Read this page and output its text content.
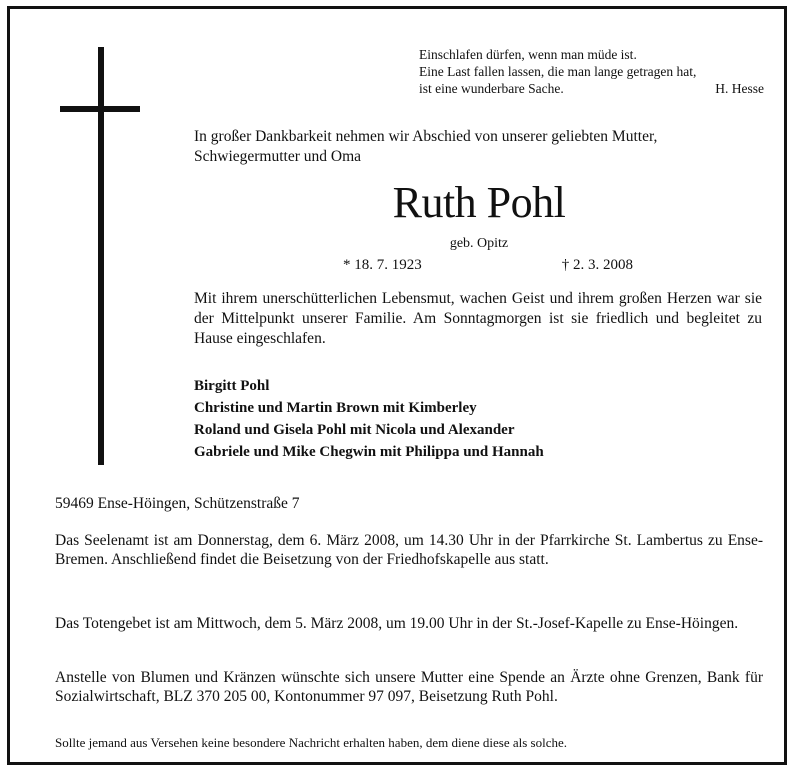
Einschlafen dürfen, wenn man müde ist.
Eine Last fallen lassen, die man lange getragen hat,
ist eine wunderbare Sache.	H. Hesse
In großer Dankbarkeit nehmen wir Abschied von unserer geliebten Mutter,
Schwiegermutter und Oma
Ruth Pohl
geb. Opitz
* 18. 7. 1923	† 2. 3. 2008
Mit ihrem unerschütterlichen Lebensmut, wachen Geist und ihrem großen Herzen war sie der Mittelpunkt unserer Familie. Am Sonntagmorgen ist sie friedlich und begleitet zu Hause eingeschlafen.
Birgitt Pohl
Christine und Martin Brown mit Kimberley
Roland und Gisela Pohl mit Nicola und Alexander
Gabriele und Mike Chegwin mit Philippa und Hannah
59469 Ense-Höingen, Schützenstraße 7
Das Seelenamt ist am Donnerstag, dem 6. März 2008, um 14.30 Uhr in der Pfarrkirche St. Lambertus zu Ense-Bremen. Anschließend findet die Beisetzung von der Friedhofskapelle aus statt.
Das Totengebet ist am Mittwoch, dem 5. März 2008, um 19.00 Uhr in der St.-Josef-Kapelle zu Ense-Höingen.
Anstelle von Blumen und Kränzen wünschte sich unsere Mutter eine Spende an Ärzte ohne Grenzen, Bank für Sozialwirtschaft, BLZ 370 205 00, Kontonummer 97 097, Beisetzung Ruth Pohl.
Sollte jemand aus Versehen keine besondere Nachricht erhalten haben, dem diene diese als solche.
